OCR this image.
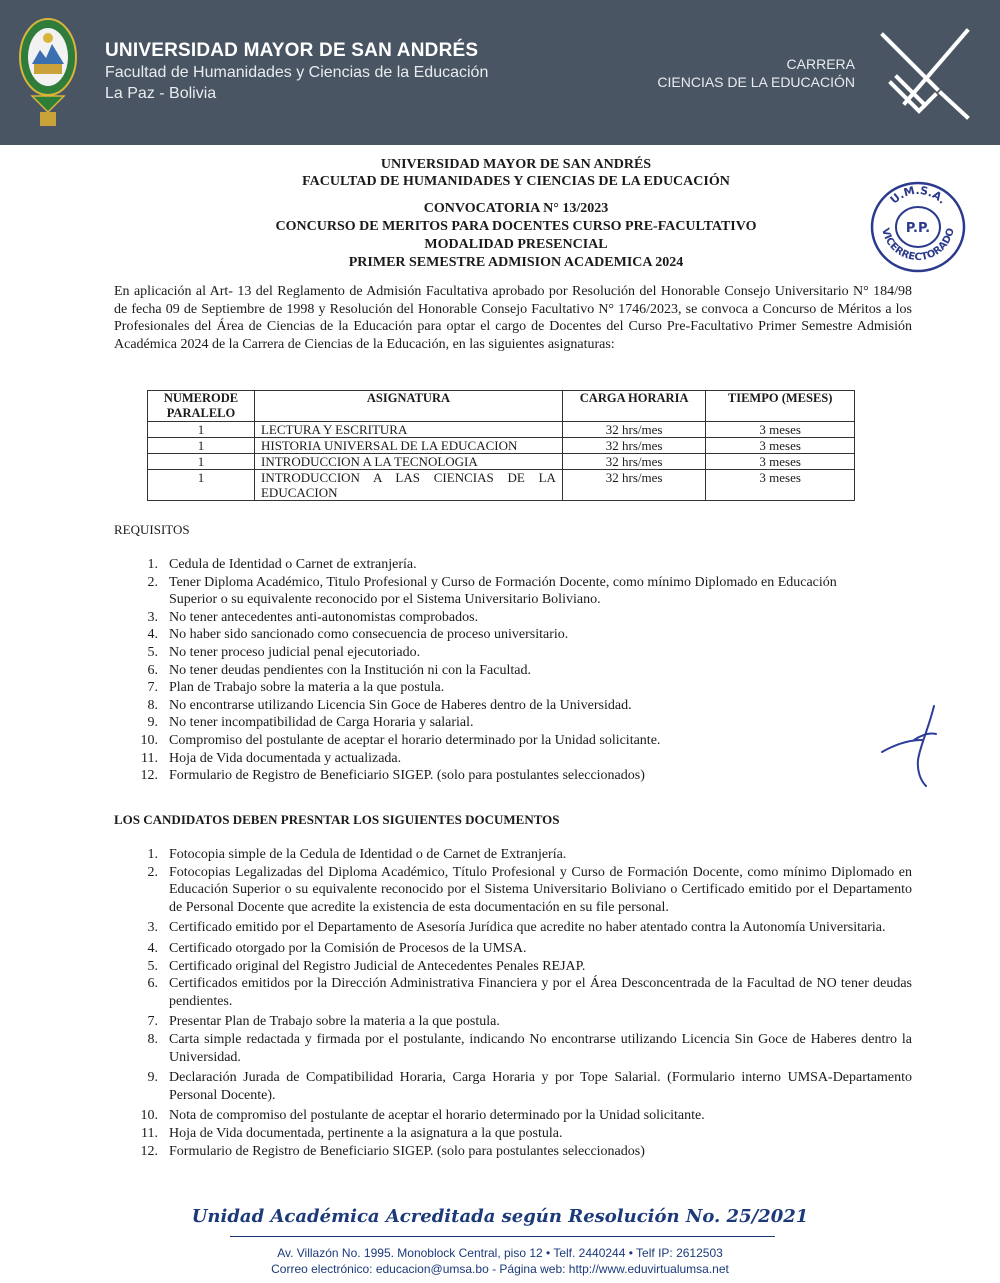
UNIVERSIDAD MAYOR DE SAN ANDRÉS
Facultad de Humanidades y Ciencias de la Educación
La Paz - Bolivia
CARRERA
CIENCIAS DE LA EDUCACIÓN
UNIVERSIDAD MAYOR DE SAN ANDRÉS
FACULTAD DE HUMANIDADES Y CIENCIAS DE LA EDUCACIÓN
CONVOCATORIA N° 13/2023
CONCURSO DE MERITOS PARA DOCENTES CURSO PRE-FACULTATIVO
MODALIDAD PRESENCIAL
PRIMER SEMESTRE ADMISION ACADEMICA 2024
U.M.S.A.
P.P.
VICERRECTORADO
En aplicación al Art- 13 del Reglamento de Admisión Facultativa aprobado por Resolución del Honorable Consejo Universitario N° 184/98 de fecha 09 de Septiembre de 1998 y Resolución del Honorable Consejo Facultativo N° 1746/2023, se convoca a Concurso de Méritos a los Profesionales del Área de Ciencias de la Educación para optar el cargo de Docentes del Curso Pre-Facultativo Primer Semestre Admisión Académica 2024 de la Carrera de Ciencias de la Educación, en las siguientes asignaturas:
NUMERODE PARALELO	ASIGNATURA	CARGA HORARIA	TIEMPO (MESES)
1	LECTURA Y ESCRITURA	32 hrs/mes	3 meses
1	HISTORIA UNIVERSAL DE LA EDUCACION	32 hrs/mes	3 meses
1	INTRODUCCION A LA TECNOLOGIA	32 hrs/mes	3 meses
1	INTRODUCCION A LAS CIENCIAS DE LA EDUCACION	32 hrs/mes	3 meses
REQUISITOS
1. Cedula de Identidad o Carnet de extranjería.
2. Tener Diploma Académico, Titulo Profesional y Curso de Formación Docente, como mínimo Diplomado en Educación Superior o su equivalente reconocido por el Sistema Universitario Boliviano.
3. No tener antecedentes anti-autonomistas comprobados.
4. No haber sido sancionado como consecuencia de proceso universitario.
5. No tener proceso judicial penal ejecutoriado.
6. No tener deudas pendientes con la Institución ni con la Facultad.
7. Plan de Trabajo sobre la materia a la que postula.
8. No encontrarse utilizando Licencia Sin Goce de Haberes dentro de la Universidad.
9. No tener incompatibilidad de Carga Horaria y salarial.
10. Compromiso del postulante de aceptar el horario determinado por la Unidad solicitante.
11. Hoja de Vida documentada y actualizada.
12. Formulario de Registro de Beneficiario SIGEP. (solo para postulantes seleccionados)
LOS CANDIDATOS DEBEN PRESNTAR LOS SIGUIENTES DOCUMENTOS
1. Fotocopia simple de la Cedula de Identidad o de Carnet de Extranjería.
2. Fotocopias Legalizadas del Diploma Académico, Título Profesional y Curso de Formación Docente, como mínimo Diplomado en Educación Superior o su equivalente reconocido por el Sistema Universitario Boliviano o Certificado emitido por el Departamento de Personal Docente que acredite la existencia de esta documentación en su file personal.
3. Certificado emitido por el Departamento de Asesoría Jurídica que acredite no haber atentado contra la Autonomía Universitaria.
4. Certificado otorgado por la Comisión de Procesos de la UMSA.
5. Certificado original del Registro Judicial de Antecedentes Penales REJAP.
6. Certificados emitidos por la Dirección Administrativa Financiera y por el Área Desconcentrada de la Facultad de NO tener deudas pendientes.
7. Presentar Plan de Trabajo sobre la materia a la que postula.
8. Carta simple redactada y firmada por el postulante, indicando No encontrarse utilizando Licencia Sin Goce de Haberes dentro la Universidad.
9. Declaración Jurada de Compatibilidad Horaria, Carga Horaria y por Tope Salarial. (Formulario interno UMSA-Departamento Personal Docente).
10. Nota de compromiso del postulante de aceptar el horario determinado por la Unidad solicitante.
11. Hoja de Vida documentada, pertinente a la asignatura a la que postula.
12. Formulario de Registro de Beneficiario SIGEP. (solo para postulantes seleccionados)
Unidad Académica Acreditada según Resolución No. 25/2021
Av. Villazón No. 1995. Monoblock Central, piso 12 • Telf. 2440244 • Telf IP: 2612503
Correo electrónico: educacion@umsa.bo - Página web: http://www.eduvirtualumsa.net
